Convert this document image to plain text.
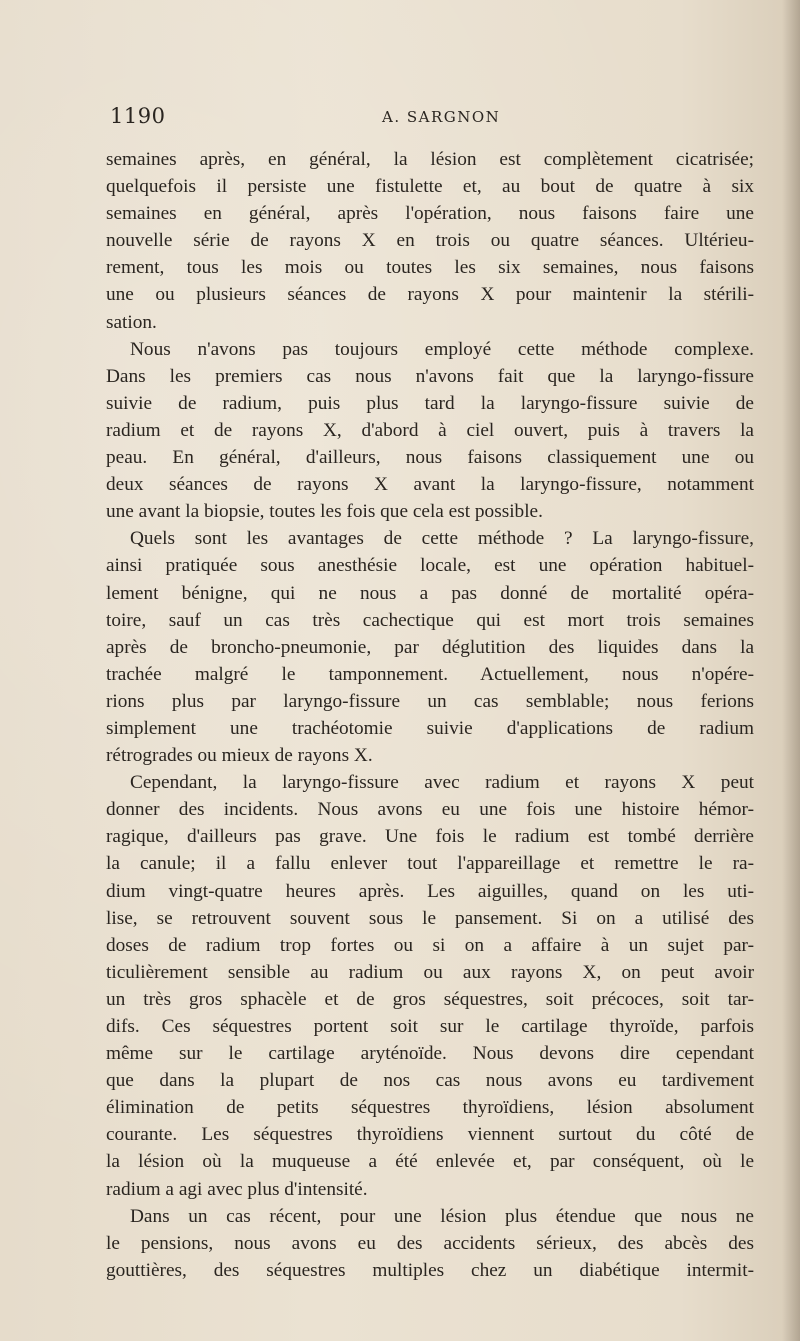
1190	A. SARGNON
semaines après, en général, la lésion est complètement cicatrisée;
quelquefois il persiste une fistulette et, au bout de quatre à six
semaines en général, après l'opération, nous faisons faire une
nouvelle série de rayons X en trois ou quatre séances. Ultérieu-
rement, tous les mois ou toutes les six semaines, nous faisons
une ou plusieurs séances de rayons X pour maintenir la stérili-
sation.
Nous n'avons pas toujours employé cette méthode complexe.
Dans les premiers cas nous n'avons fait que la laryngo-fissure
suivie de radium, puis plus tard la laryngo-fissure suivie de
radium et de rayons X, d'abord à ciel ouvert, puis à travers la
peau. En général, d'ailleurs, nous faisons classiquement une ou
deux séances de rayons X avant la laryngo-fissure, notamment
une avant la biopsie, toutes les fois que cela est possible.
Quels sont les avantages de cette méthode ? La laryngo-fissure,
ainsi pratiquée sous anesthésie locale, est une opération habituel-
lement bénigne, qui ne nous a pas donné de mortalité opéra-
toire, sauf un cas très cachectique qui est mort trois semaines
après de broncho-pneumonie, par déglutition des liquides dans la
trachée malgré le tamponnement. Actuellement, nous n'opére-
rions plus par laryngo-fissure un cas semblable; nous ferions
simplement une trachéotomie suivie d'applications de radium
rétrogrades ou mieux de rayons X.
Cependant, la laryngo-fissure avec radium et rayons X peut
donner des incidents. Nous avons eu une fois une histoire hémor-
ragique, d'ailleurs pas grave. Une fois le radium est tombé derrière
la canule; il a fallu enlever tout l'appareillage et remettre le ra-
dium vingt-quatre heures après. Les aiguilles, quand on les uti-
lise, se retrouvent souvent sous le pansement. Si on a utilisé des
doses de radium trop fortes ou si on a affaire à un sujet par-
ticulièrement sensible au radium ou aux rayons X, on peut avoir
un très gros sphacèle et de gros séquestres, soit précoces, soit tar-
difs. Ces séquestres portent soit sur le cartilage thyroïde, parfois
même sur le cartilage aryténoïde. Nous devons dire cependant
que dans la plupart de nos cas nous avons eu tardivement
élimination de petits séquestres thyroïdiens, lésion absolument
courante. Les séquestres thyroïdiens viennent surtout du côté de
la lésion où la muqueuse a été enlevée et, par conséquent, où le
radium a agi avec plus d'intensité.
Dans un cas récent, pour une lésion plus étendue que nous ne
le pensions, nous avons eu des accidents sérieux, des abcès des
gouttières, des séquestres multiples chez un diabétique intermit-
